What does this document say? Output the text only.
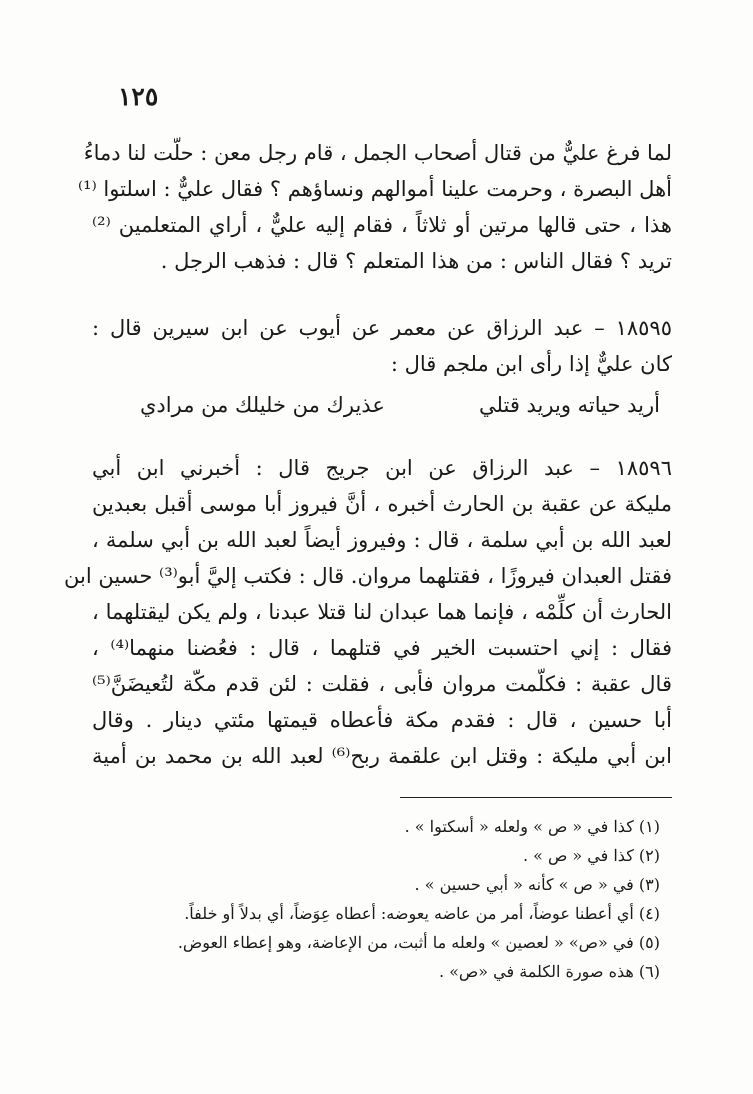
١٢٥
لما فرغ عليٌّ من قتال أصحاب الجمل ، قام رجل معن : حلّت لنا دماءُ
أهل البصرة ، وحرمت علينا أموالهم ونساؤهم ؟ فقال عليٌّ : اسلتوا ⁽¹⁾
هذا ، حتى قالها مرتين أو ثلاثاً ، فقام إليه عليٌّ ، أراي المتعلمين ⁽²⁾
تريد ؟ فقال الناس : من هذا المتعلم ؟ قال : فذهب الرجل .
١٨٥٩٥ – عبد الرزاق عن معمر عن أيوب عن ابن سيرين قال :
كان عليٌّ إذا رأى ابن ملجم قال :
أريد حياته ويريد قتلي
عذيرك من خليلك من مرادي
١٨٥٩٦ – عبد الرزاق عن ابن جريج قال : أخبرني ابن أبي
مليكة عن عقبة بن الحارث أخبره ، أنَّ فيروز أبا موسى أقبل بعبدين
لعبد الله بن أبي سلمة ، قال : وفيروز أيضاً لعبد الله بن أبي سلمة ،
فقتل العبدان فيروزًا ، فقتلهما مروان. قال : فكتب إليَّ أبو⁽³⁾ حسين ابن
الحارث أن كلِّمْه ، فإنما هما عبدان لنا قتلا عبدنا ، ولم يكن ليقتلهما ،
فقال : إني احتسبت الخير في قتلهما ، قال : فعُضنا منهما⁽⁴⁾ ،
قال عقبة : فكلّمت مروان فأبى ، فقلت : لئن قدم مكّة لتُعيضَنَّ⁽⁵⁾
أبا حسين ، قال : فقدم مكة فأعطاه قيمتها مئتي دينار . وقال
ابن أبي مليكة : وقتل ابن علقمة ربح⁽⁶⁾ لعبد الله بن محمد بن أمية
(١) كذا في « ص » ولعله « أسكتوا » .
(٢) كذا في « ص » .
(٣) في « ص » كأنه « أبي حسين » .
(٤) أي أعطنا عوضاً، أمر من عاضه يعوضه: أعطاه عِوَضاً، أي بدلاً أو خلفاً.
(٥) في «ص» « لعصين » ولعله ما أثبت، من الإعاضة، وهو إعطاء العوض.
(٦) هذه صورة الكلمة في «ص» .
